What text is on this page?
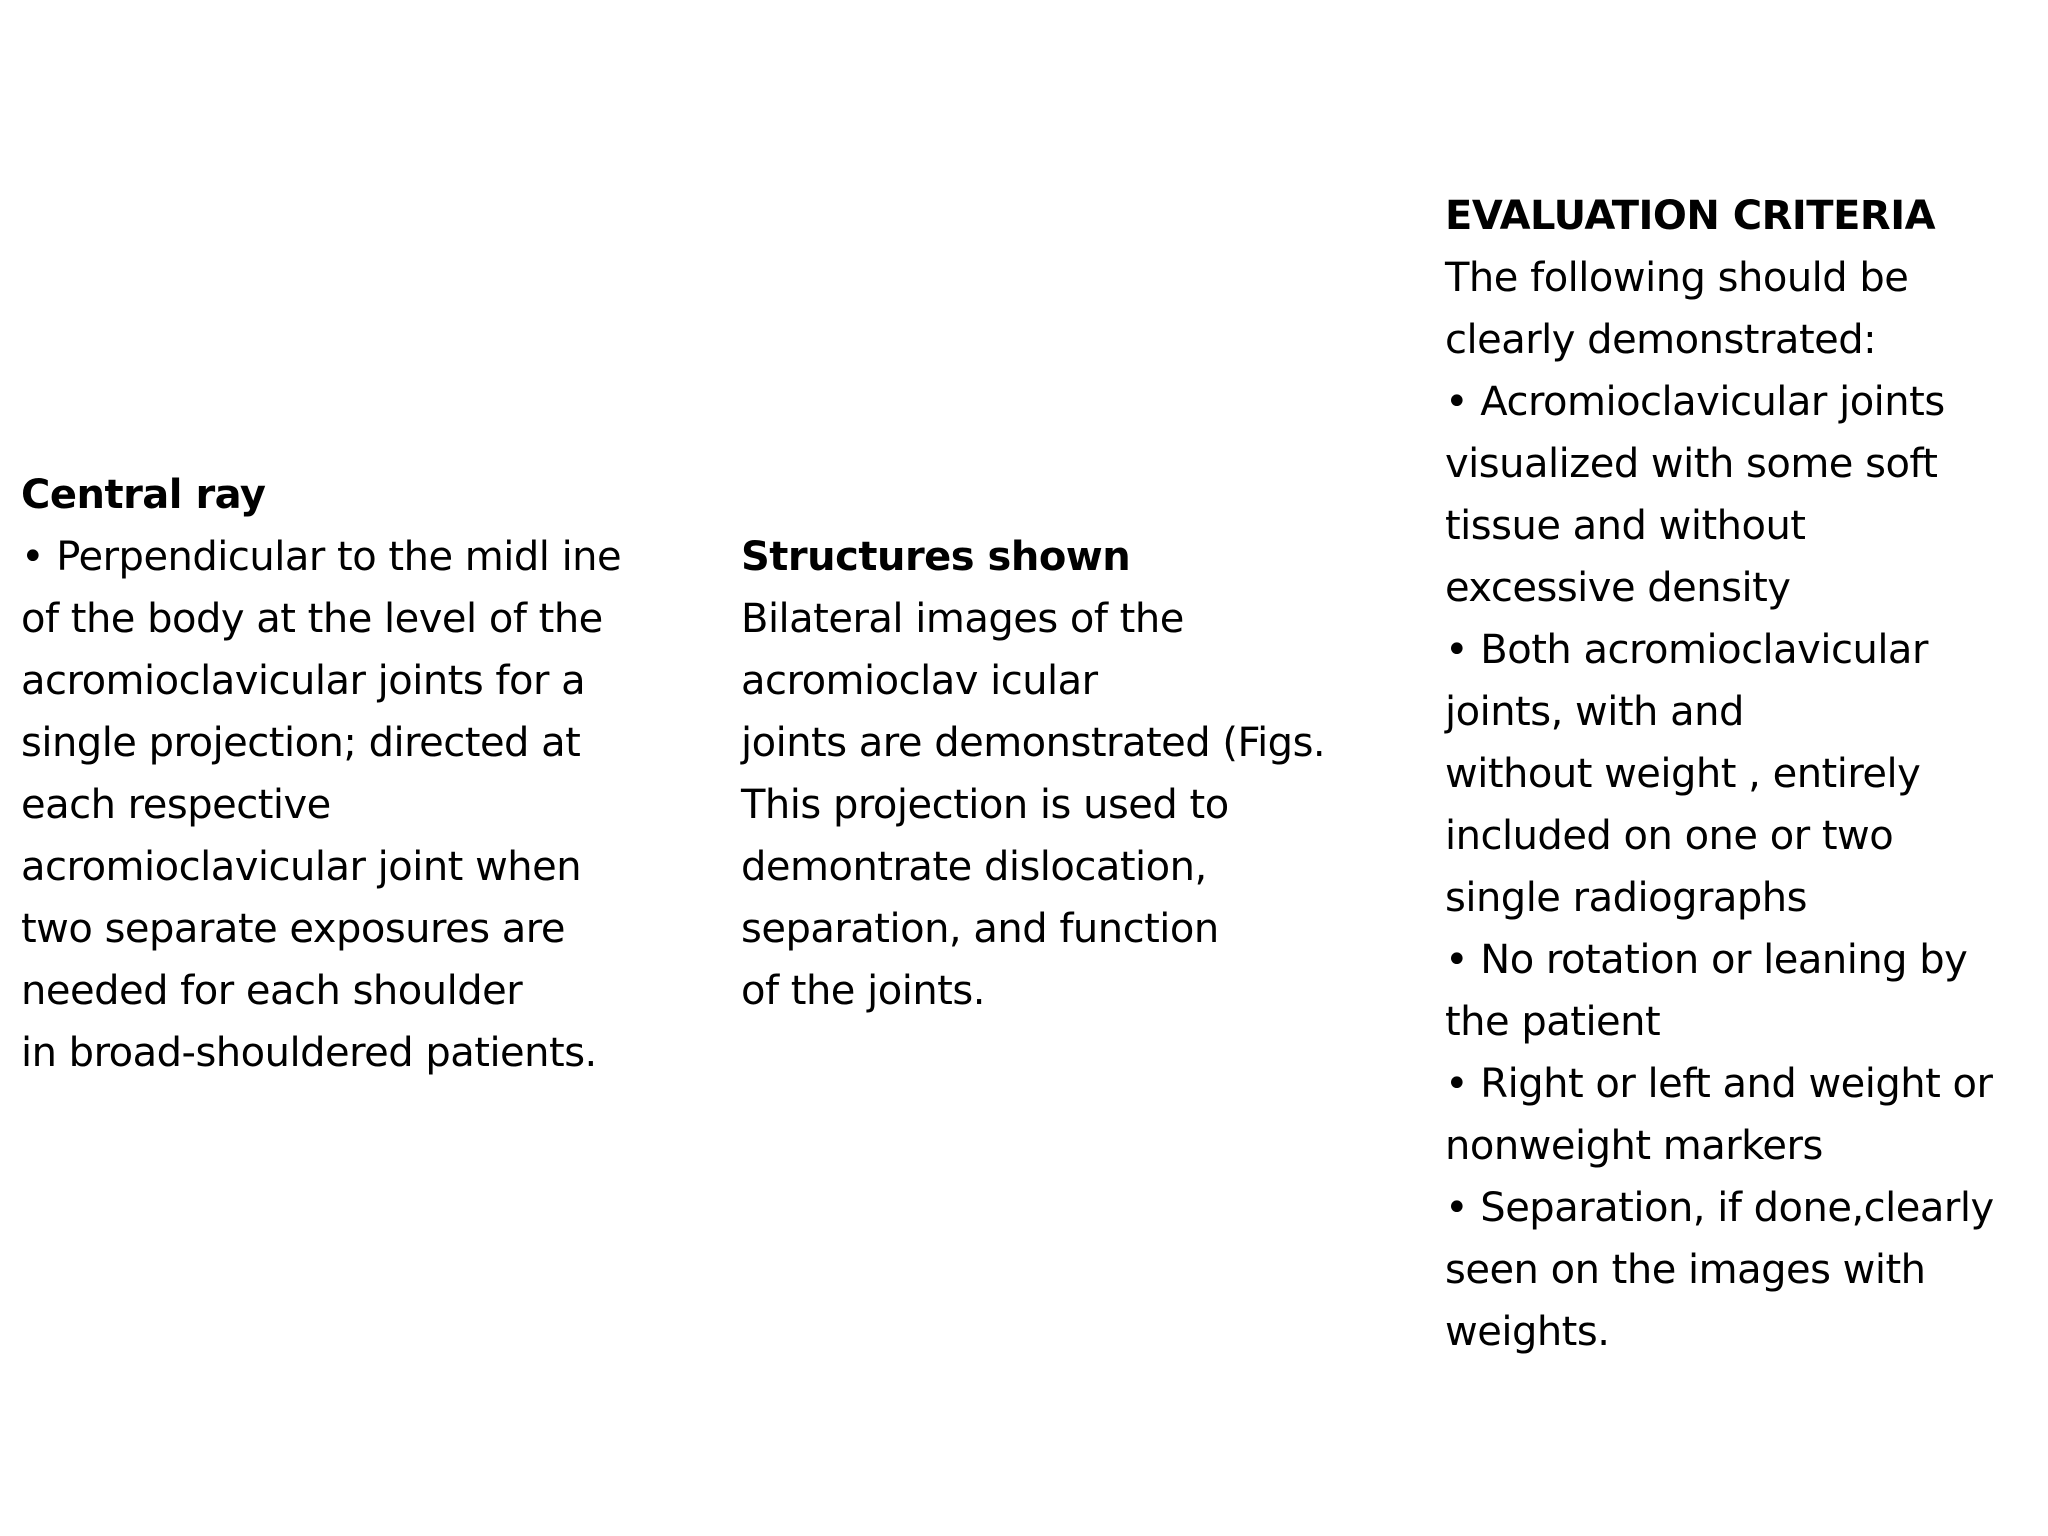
Central ray
• Perpendicular to the midl ine
of the body at the level of the
acromioclavicular joints for a
single projection; directed at
each respective
acromioclavicular joint when
two separate exposures are
needed for each shoulder
in broad-shouldered patients.
Structures shown
Bilateral images of the
acromioclav icular
joints are demonstrated (Figs.
This projection is used to
demontrate dislocation,
separation, and function
of the joints.
EVALUATION CRITERIA
The following should be
clearly demonstrated:
• Acromioclavicular joints
visualized with some soft
tissue and without
excessive density
• Both acromioclavicular
joints, with and
without weight , entirely
included on one or two
single radiographs
• No rotation or leaning by
the patient
• Right or left and weight or
nonweight markers
• Separation, if done,clearly
seen on the images with
weights.
